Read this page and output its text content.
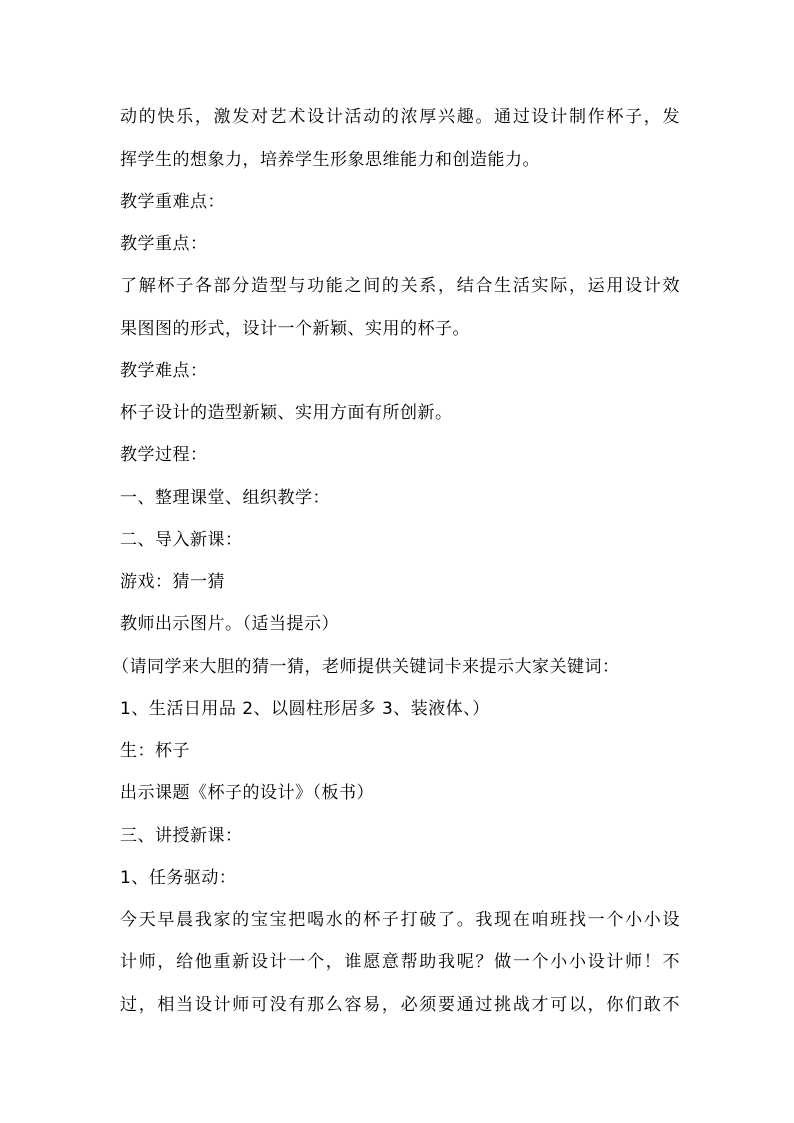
动的快乐，激发对艺术设计活动的浓厚兴趣。通过设计制作杯子，发
挥学生的想象力，培养学生形象思维能力和创造能力。
教学重难点：
教学重点：
了解杯子各部分造型与功能之间的关系，结合生活实际，运用设计效
果图图的形式，设计一个新颖、实用的杯子。
教学难点：
杯子设计的造型新颖、实用方面有所创新。
教学过程：
一、整理课堂、组织教学：
二、导入新课：
游戏：猜一猜
教师出示图片。（适当提示）
（请同学来大胆的猜一猜，老师提供关键词卡来提示大家关键词：
1、生活日用品 2、以圆柱形居多 3、装液体、）
生：杯子
出示课题《杯子的设计》（板书）
三、讲授新课：
1、任务驱动：
今天早晨我家的宝宝把喝水的杯子打破了。我现在咱班找一个小小设
计师，给他重新设计一个，谁愿意帮助我呢？做一个小小设计师！不
过，相当设计师可没有那么容易，必须要通过挑战才可以，你们敢不
